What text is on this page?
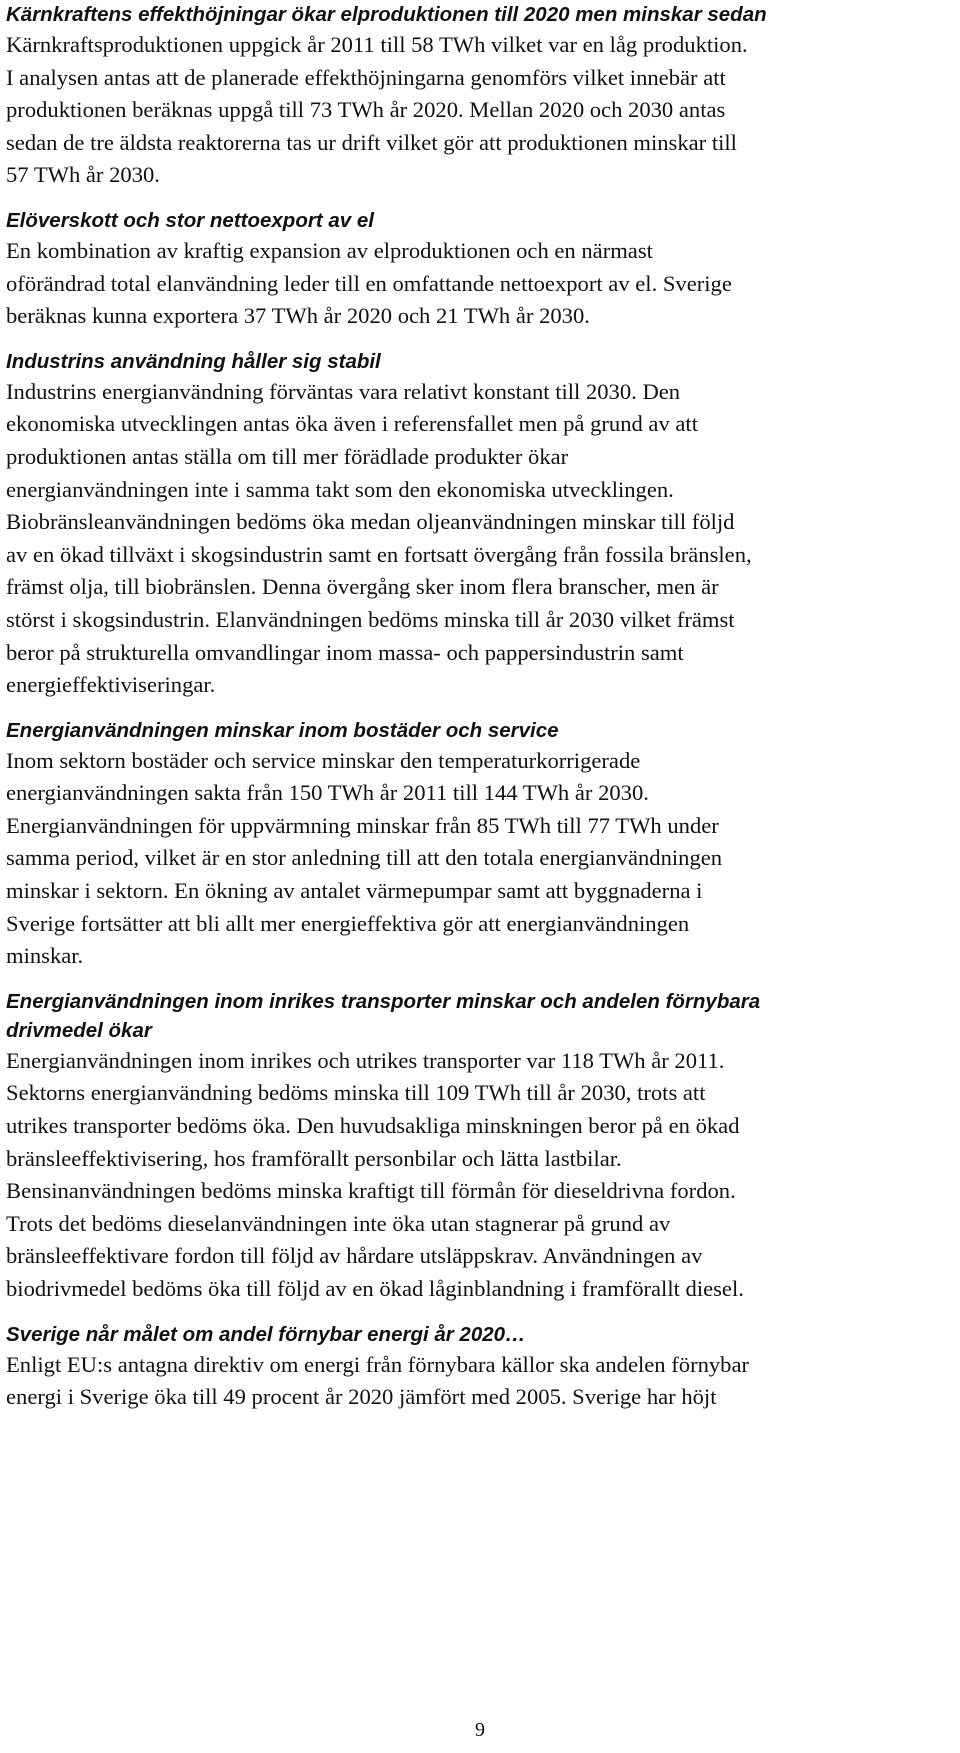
Kärnkraftens effekthöjningar ökar elproduktionen till 2020 men minskar sedan

Kärnkraftsproduktionen uppgick år 2011 till 58 TWh vilket var en låg produktion.
I analysen antas att de planerade effekthöjningarna genomförs vilket innebär att
produktionen beräknas uppgå till 73 TWh år 2020. Mellan 2020 och 2030 antas
sedan de tre äldsta reaktorerna tas ur drift vilket gör att produktionen minskar till
57 TWh år 2030.

Elöverskott och stor nettoexport av el

En kombination av kraftig expansion av elproduktionen och en närmast
oförändrad total elanvändning leder till en omfattande nettoexport av el. Sverige
beräknas kunna exportera 37 TWh år 2020 och 21 TWh år 2030.

Industrins användning håller sig stabil

Industrins energianvändning förväntas vara relativt konstant till 2030. Den
ekonomiska utvecklingen antas öka även i referensfallet men på grund av att
produktionen antas ställa om till mer förädlade produkter ökar
energianvändningen inte i samma takt som den ekonomiska utvecklingen.
Biobränsleanvändningen bedöms öka medan oljeanvändningen minskar till följd
av en ökad tillväxt i skogsindustrin samt en fortsatt övergång från fossila bränslen,
främst olja, till biobränslen. Denna övergång sker inom flera branscher, men är
störst i skogsindustrin. Elanvändningen bedöms minska till år 2030 vilket främst
beror på strukturella omvandlingar inom massa- och pappersindustrin samt
energieffektiviseringar.

Energianvändningen minskar inom bostäder och service

Inom sektorn bostäder och service minskar den temperaturkorrigerade
energianvändningen sakta från 150 TWh år 2011 till 144 TWh år 2030.
Energianvändningen för uppvärmning minskar från 85 TWh till 77 TWh under
samma period, vilket är en stor anledning till att den totala energianvändningen
minskar i sektorn. En ökning av antalet värmepumpar samt att byggnaderna i
Sverige fortsätter att bli allt mer energieffektiva gör att energianvändningen
minskar.

Energianvändningen inom inrikes transporter minskar och andelen förnybara
drivmedel ökar

Energianvändningen inom inrikes och utrikes transporter var 118 TWh år 2011.
Sektorns energianvändning bedöms minska till 109 TWh till år 2030, trots att
utrikes transporter bedöms öka. Den huvudsakliga minskningen beror på en ökad
bränsleeffektivisering, hos framförallt personbilar och lätta lastbilar.
Bensinanvändningen bedöms minska kraftigt till förmån för dieseldrivna fordon.
Trots det bedöms dieselanvändningen inte öka utan stagnerar på grund av
bränsleeffektivare fordon till följd av hårdare utsläppskrav. Användningen av
biodrivmedel bedöms öka till följd av en ökad låginblandning i framförallt diesel.

Sverige når målet om andel förnybar energi år 2020…

Enligt EU:s antagna direktiv om energi från förnybara källor ska andelen förnybar
energi i Sverige öka till 49 procent år 2020 jämfört med 2005. Sverige har höjt

9
